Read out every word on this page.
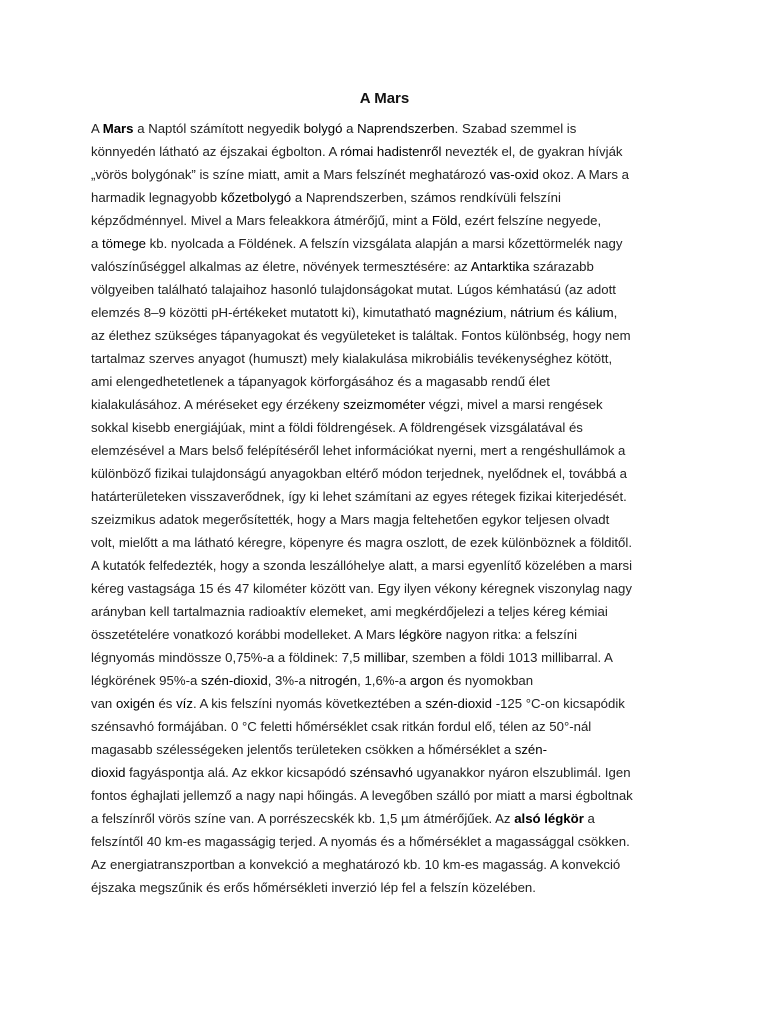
A Mars
A Mars a Naptól számított negyedik bolygó a Naprendszerben. Szabad szemmel is
könnyedén látható az éjszakai égbolton. A római hadistenről nevezték el, de gyakran hívják
„vörös bolygónak” is színe miatt, amit a Mars felszínét meghatározó vas-oxid okoz. A Mars a
harmadik legnagyobb kőzetbolygó a Naprendszerben, számos rendkívüli felszíni
képződménnyel. Mivel a Mars feleakkora átmérőjű, mint a Föld, ezért felszíne negyede,
a tömege kb. nyolcada a Földének. A felszín vizsgálata alapján a marsi kőzettörmelék nagy
valószínűséggel alkalmas az életre, növények termesztésére: az Antarktika szárazabb
völgyeiben található talajaihoz hasonló tulajdonságokat mutat. Lúgos kémhatású (az adott
elemzés 8–9 közötti pH-értékeket mutatott ki), kimutatható magnézium, nátrium és kálium,
az élethez szükséges tápanyagokat és vegyületeket is találtak. Fontos különbség, hogy nem
tartalmaz szerves anyagot (humuszt) mely kialakulása mikrobiális tevékenységhez kötött,
ami elengedhetetlenek a tápanyagok körforgásához és a magasabb rendű élet
kialakulásához. A méréseket egy érzékeny szeizmométer végzi, mivel a marsi rengések
sokkal kisebb energiájúak, mint a földi földrengések. A földrengések vizsgálatával és
elemzésével a Mars belső felépítéséről lehet információkat nyerni, mert a rengéshullámok a
különböző fizikai tulajdonságú anyagokban eltérő módon terjednek, nyelődnek el, továbbá a
határterületeken visszaverődnek, így ki lehet számítani az egyes rétegek fizikai kiterjedését.
szeizmikus adatok megerősítették, hogy a Mars magja feltehetően egykor teljesen olvadt
volt, mielőtt a ma látható kéregre, köpenyre és magra oszlott, de ezek különböznek a földitől.
A kutatók felfedezték, hogy a szonda leszállóhelye alatt, a marsi egyenlítő közelében a marsi
kéreg vastagsága 15 és 47 kilométer között van. Egy ilyen vékony kéregnek viszonylag nagy
arányban kell tartalmaznia radioaktív elemeket, ami megkérdőjelezi a teljes kéreg kémiai
összetételére vonatkozó korábbi modelleket. A Mars légköre nagyon ritka: a felszíni
légnyomás mindössze 0,75%-a a földinek: 7,5 millibar, szemben a földi 1013 millibarral. A
légkörének 95%-a szén-dioxid, 3%-a nitrogén, 1,6%-a argon és nyomokban
van oxigén és víz. A kis felszíni nyomás következtében a szén-dioxid -125 °C-on kicsapódik
szénsavhó formájában. 0 °C feletti hőmérséklet csak ritkán fordul elő, télen az 50°-nál
magasabb szélességeken jelentős területeken csökken a hőmérséklet a szén-
dioxid fagyáspontja alá. Az ekkor kicsapódó szénsavhó ugyanakkor nyáron elszublimál. Igen
fontos éghajlati jellemző a nagy napi hőingás. A levegőben szálló por miatt a marsi égboltnak
a felszínről vörös színe van. A porrészecskék kb. 1,5 µm átmérőjűek. Az alsó légkör a
felszíntől 40 km-es magasságig terjed. A nyomás és a hőmérséklet a magassággal csökken.
Az energiatranszportban a konvekció a meghatározó kb. 10 km-es magasság. A konvekció
éjszaka megszűnik és erős hőmérsékleti inverzió lép fel a felszín közelében.
